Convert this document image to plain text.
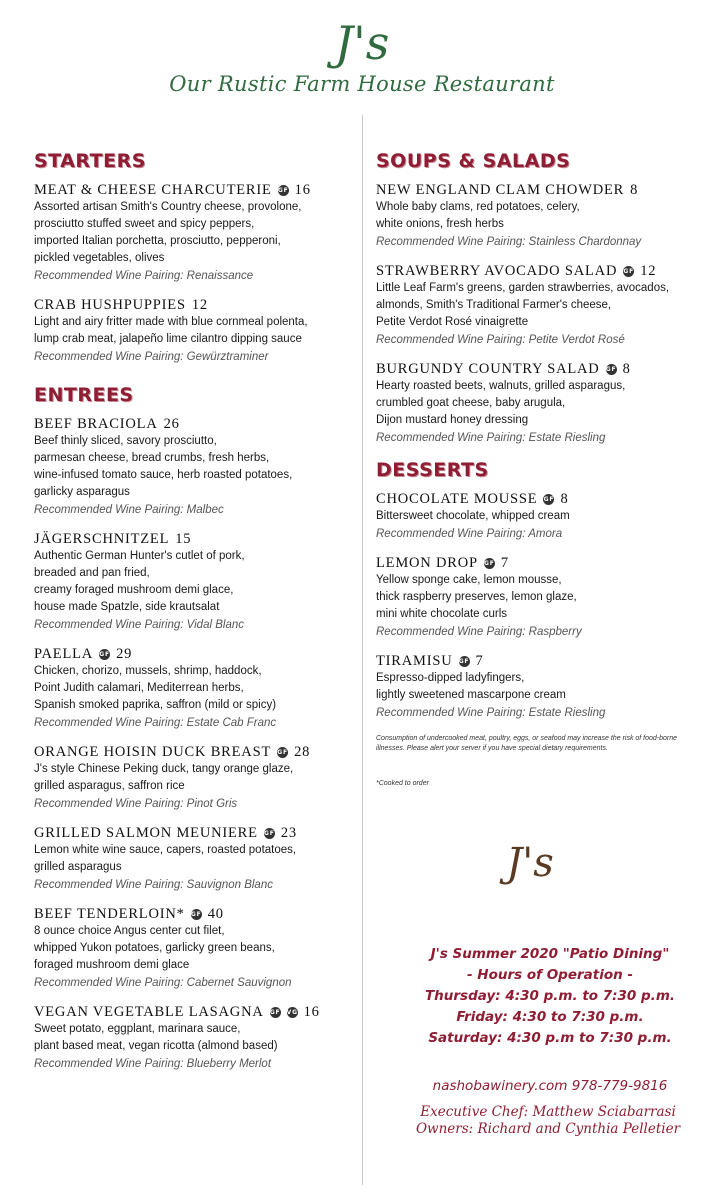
J's
Our Rustic Farm House Restaurant
STARTERS
MEAT & CHEESE CHARCUTERIE GF 16
Assorted artisan Smith's Country cheese, provolone,
prosciutto stuffed sweet and spicy peppers,
imported Italian porchetta, prosciutto, pepperoni,
pickled vegetables, olives
Recommended Wine Pairing: Renaissance
CRAB HUSHPUPPIES 12
Light and airy fritter made with blue cornmeal polenta,
lump crab meat, jalapeño lime cilantro dipping sauce
Recommended Wine Pairing: Gewürztraminer
ENTREES
BEEF BRACIOLA 26
Beef thinly sliced, savory prosciutto,
parmesan cheese, bread crumbs, fresh herbs,
wine-infused tomato sauce, herb roasted potatoes,
garlicky asparagus
Recommended Wine Pairing: Malbec
JÄGERSCHNITZEL 15
Authentic German Hunter's cutlet of pork,
breaded and pan fried,
creamy foraged mushroom demi glace,
house made Spatzle, side krautsalat
Recommended Wine Pairing: Vidal Blanc
PAELLA GF 29
Chicken, chorizo, mussels, shrimp, haddock,
Point Judith calamari, Mediterrean herbs,
Spanish smoked paprika, saffron (mild or spicy)
Recommended Wine Pairing: Estate Cab Franc
ORANGE HOISIN DUCK BREAST GF 28
J's style Chinese Peking duck, tangy orange glaze,
grilled asparagus, saffron rice
Recommended Wine Pairing: Pinot Gris
GRILLED SALMON MEUNIERE GF 23
Lemon white wine sauce, capers, roasted potatoes,
grilled asparagus
Recommended Wine Pairing: Sauvignon Blanc
BEEF TENDERLOIN* GF 40
8 ounce choice Angus center cut filet,
whipped Yukon potatoes, garlicky green beans,
foraged mushroom demi glace
Recommended Wine Pairing: Cabernet Sauvignon
VEGAN VEGETABLE LASAGNA GF VG 16
Sweet potato, eggplant, marinara sauce,
plant based meat, vegan ricotta (almond based)
Recommended Wine Pairing: Blueberry Merlot
SOUPS & SALADS
NEW ENGLAND CLAM CHOWDER 8
Whole baby clams, red potatoes, celery,
white onions, fresh herbs
Recommended Wine Pairing: Stainless Chardonnay
STRAWBERRY AVOCADO SALAD GF 12
Little Leaf Farm's greens, garden strawberries, avocados,
almonds, Smith's Traditional Farmer's cheese,
Petite Verdot Rosé vinaigrette
Recommended Wine Pairing: Petite Verdot Rosé
BURGUNDY COUNTRY SALAD GF 8
Hearty roasted beets, walnuts, grilled asparagus,
crumbled goat cheese, baby arugula,
Dijon mustard honey dressing
Recommended Wine Pairing: Estate Riesling
DESSERTS
CHOCOLATE MOUSSE GF 8
Bittersweet chocolate, whipped cream
Recommended Wine Pairing: Amora
LEMON DROP GF 7
Yellow sponge cake, lemon mousse,
thick raspberry preserves, lemon glaze,
mini white chocolate curls
Recommended Wine Pairing: Raspberry
TIRAMISU GF 7
Espresso-dipped ladyfingers,
lightly sweetened mascarpone cream
Recommended Wine Pairing: Estate Riesling
Consumption of undercooked meat, poultry, eggs, or seafood may increase the risk of food-borne illnesses. Please alert your server if you have special dietary requirements.
*Cooked to order
J's
J's Summer 2020 "Patio Dining"
- Hours of Operation -
Thursday: 4:30 p.m. to 7:30 p.m.
Friday: 4:30 to 7:30 p.m.
Saturday: 4:30 p.m to 7:30 p.m.
nashobawinery.com 978-779-9816
Executive Chef: Matthew Sciabarrasi
Owners: Richard and Cynthia Pelletier
